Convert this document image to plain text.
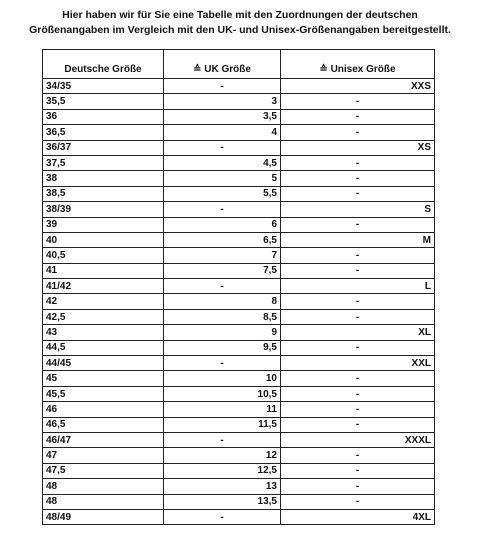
Hier haben wir für Sie eine Tabelle mit den Zuordnungen der deutschen
Größenangaben im Vergleich mit den UK- und Unisex-Größenangaben bereitgestellt.
Deutsche Größe	≙ UK Größe	≙ Unisex Größe
34/35	-	XXS
35,5	3	-
36	3,5	-
36,5	4	-
36/37	-	XS
37,5	4,5	-
38	5	-
38,5	5,5	-
38/39	-	S
39	6	-
40	6,5	M
40,5	7	-
41	7,5	-
41/42	-	L
42	8	-
42,5	8,5	-
43	9	XL
44,5	9,5	-
44/45	-	XXL
45	10	-
45,5	10,5	-
46	11	-
46,5	11,5	-
46/47	-	XXXL
47	12	-
47,5	12,5	-
48	13	-
48	13,5	-
48/49	-	4XL
